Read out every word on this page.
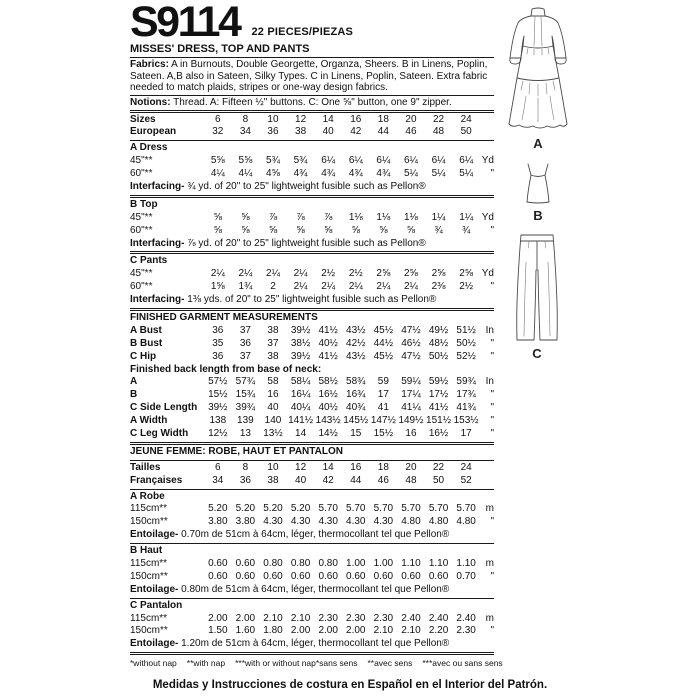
S9114 22 PIECES/PIEZAS
MISSES' DRESS, TOP AND PANTS

Fabrics: A in Burnouts, Double Georgette, Organza, Sheers. B in Linens, Poplin, Sateen. A,B also in Sateen, Silky Types. C in Linens, Poplin, Sateen. Extra fabric needed to match plaids, stripes or one-way design fabrics.

Notions: Thread. A: Fifteen ½" buttons. C: One ⅝" button, one 9" zipper.

Sizes	6	8	10	12	14	16	18	20	22	24
European	32	34	36	38	40	42	44	46	48	50
A Dress
45"**	5⅝	5⅝	5¾	5¾	6¼	6¼	6¼	6¼	6¼	6¼ Yd
60"**	4¼	4¼	4⅝	4¾	4¾	4¾	4¾	5¼	5¼	5¼	"
Interfacing- ¾ yd. of 20" to 25" lightweight fusible such as Pellon®
B Top
45"**	⅝	⅝	⅞	⅞	⅞	1⅛	1⅛	1⅛	1¼	1¼ Yd
60"**	⅝	⅝	⅝	⅝	⅝	⅝	⅝	⅝	¾	¾	"
Interfacing- ⅞ yd. of 20" to 25" lightweight fusible such as Pellon®
C Pants
45"**	2¼	2¼	2¼	2¼	2½	2½	2⅝	2⅝	2⅝	2⅝ Yd
60"**	1⅝	1¾	2	2¼	2¼	2¼	2¼	2¼	2⅜	2½	"
Interfacing- 1⅜ yds. of 20" to 25" lightweight fusible such as Pellon®
FINISHED GARMENT MEASUREMENTS
A Bust	36	37	38	39½ 41½ 43½ 45½ 47½ 49½ 51½ In
B Bust	35	36	37	38½ 40½ 42½ 44½ 46½ 48½ 50½	"
C Hip	36	37	38	39½ 41½ 43½ 45½ 47½ 50½ 52½	"
Finished back length from base of neck:
A	57½ 57¾	58	58¼ 58½ 58¾	59	59¼ 59½ 59¾ In
B	15½ 15¾	16	16¼ 16½ 16¾	17	17¼ 17½ 17¾	"
C Side Length	39½ 39¾	40	40¼ 40½ 40¾	41	41¼ 41½ 41¾	"
A Width	138	139	140 141½ 143½ 145½ 147½ 149½ 151½ 153½	"
C Leg Width	12½	13	13½	14	14½	15	15½	16	16½	17	"
JEUNE FEMME: ROBE, HAUT ET PANTALON
Tailles	6	8	10	12	14	16	18	20	22	24
Françaises	34	36	38	40	42	44	46	48	50	52
A Robe
115cm**	5.20 5.20 5.20 5.20 5.70 5.70 5.70 5.70 5.70 5.70 m
150cm**	3.80 3.80 4.30 4.30 4.30 4.30 4.30 4.80 4.80 4.80	"
Entoilage- 0.70m de 51cm à 64cm, léger, thermocollant tel que Pellon®
B Haut
115cm**	0.60 0.60 0.80 0.80 0.80 1.00 1.00 1.10 1.10 1.10 m
150cm**	0.60 0.60 0.60 0.60 0.60 0.60 0.60 0.60 0.60 0.70	"
Entoilage- 0.80m de 51cm à 64cm, léger, thermocollant tel que Pellon®
C Pantalon
115cm**	2.00 2.00 2.10 2.10 2.30 2.30 2.30 2.40 2.40 2.40 m
150cm**	1.50 1.60 1.80 2.00 2.00 2.00 2.10 2.10 2.20 2.30	"
Entoilage- 1.20m de 51cm à 64cm, léger, thermocollant tel que Pellon®
*without nap **with nap ***with or without nap *sans sens **avec sens ***avec ou sans sens
A
B
C
Medidas y Instrucciones de costura en Español en el Interior del Patrón.
